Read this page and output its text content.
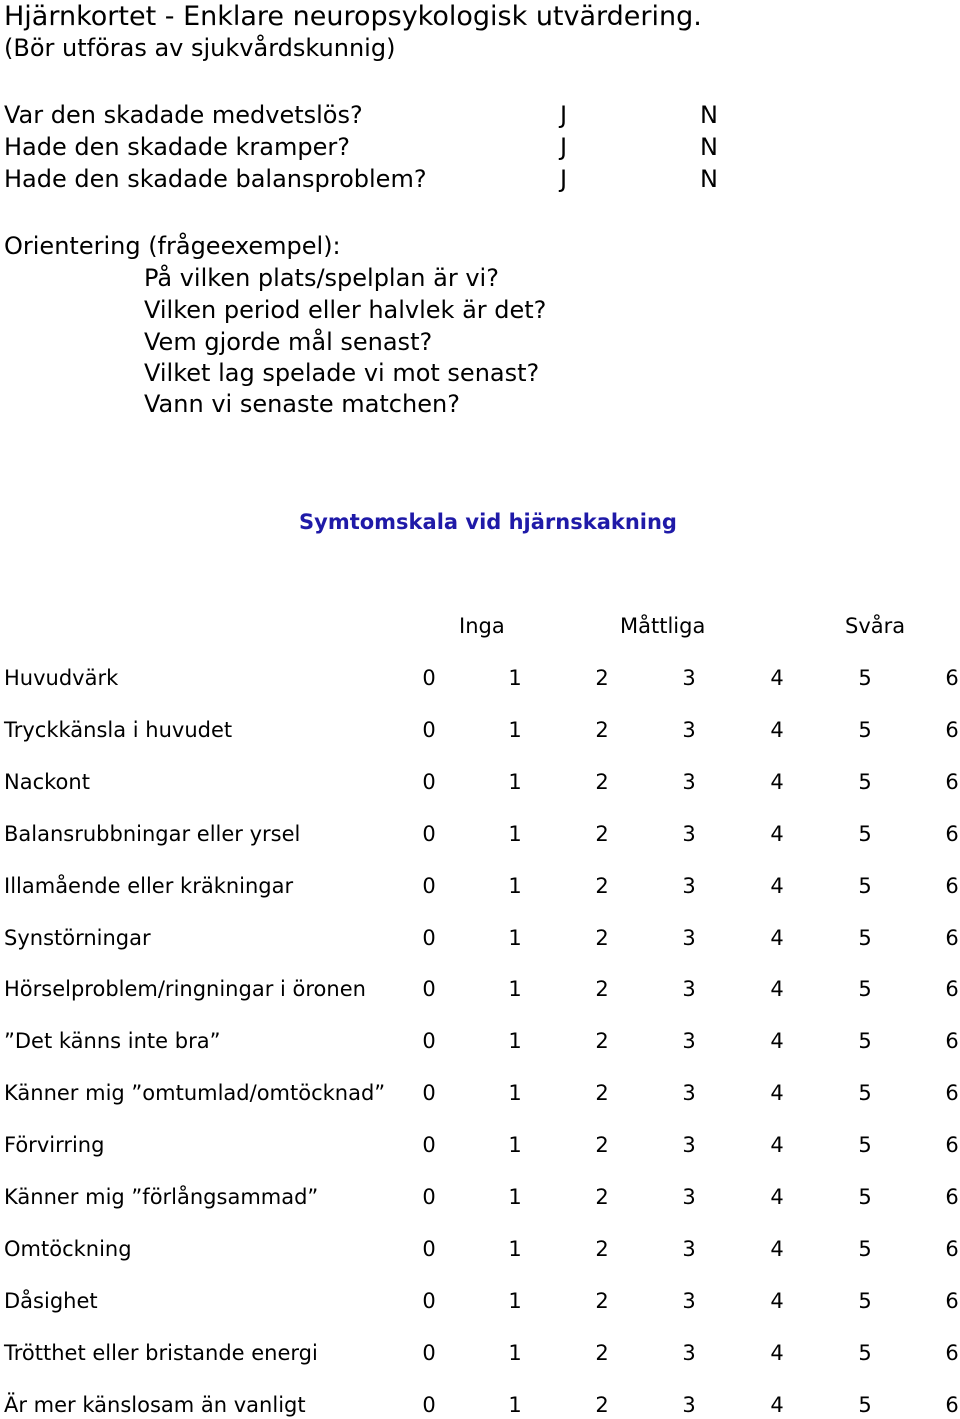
Hjärnkortet - Enklare neuropsykologisk utvärdering.
(Bör utföras av sjukvårdskunnig)
Var den skadade medvetslös?	J	N
Hade den skadade kramper?	J	N
Hade den skadade balansproblem?	J	N
Orientering (frågeexempel):
På vilken plats/spelplan är vi?
Vilken period eller halvlek är det?
Vem gjorde mål senast?
Vilket lag spelade vi mot senast?
Vann vi senaste matchen?
Symtomskala vid hjärnskakning
Inga	Måttliga	Svåra
Huvudvärk	0	1	2	3	4	5	6
Tryckkänsla i huvudet	0	1	2	3	4	5	6
Nackont	0	1	2	3	4	5	6
Balansrubbningar eller yrsel	0	1	2	3	4	5	6
Illamående eller kräkningar	0	1	2	3	4	5	6
Synstörningar	0	1	2	3	4	5	6
Hörselproblem/ringningar i öronen	0	1	2	3	4	5	6
”Det känns inte bra”	0	1	2	3	4	5	6
Känner mig ”omtumlad/omtöcknad” 0	1	2	3	4	5	6
Förvirring	0	1	2	3	4	5	6
Känner mig ”förlångsammad”	0	1	2	3	4	5	6
Omtöckning	0	1	2	3	4	5	6
Dåsighet	0	1	2	3	4	5	6
Trötthet eller bristande energi	0	1	2	3	4	5	6
Är mer känslosam än vanligt	0	1	2	3	4	5	6
